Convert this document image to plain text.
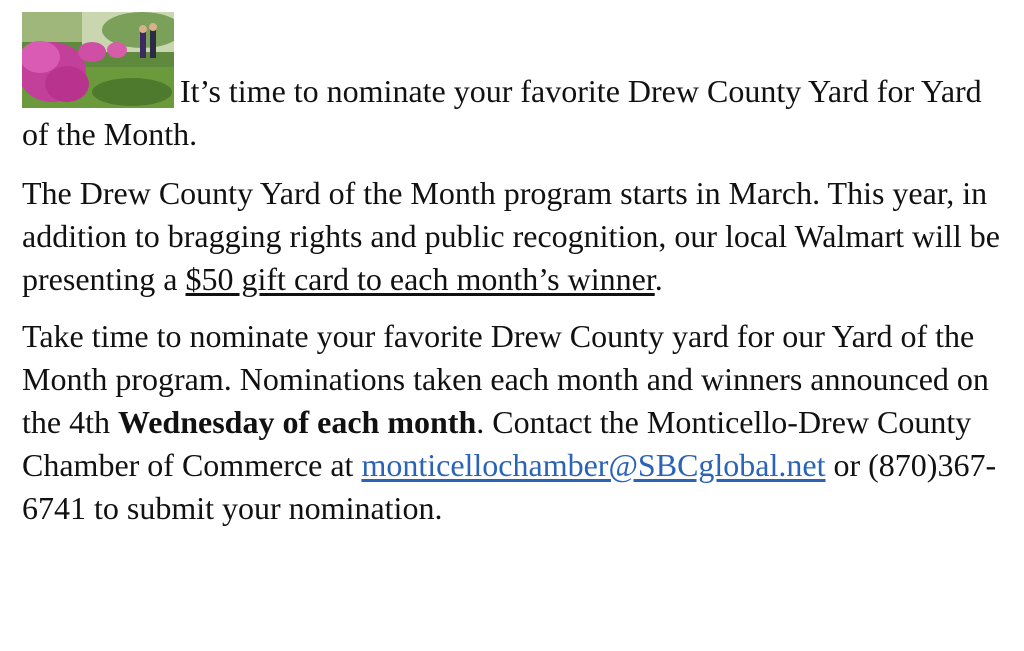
It’s time to nominate your favorite Drew County Yard for Yard of the Month.

The Drew County Yard of the Month program starts in March. This year, in addition to bragging rights and public recognition, our local Walmart will be presenting a $50 gift card to each month’s winner.

Take time to nominate your favorite Drew County yard for our Yard of the Month program. Nominations taken each month and winners announced on the 4th Wednesday of each month. Contact the Monticello-Drew County Chamber of Commerce at monticellochamber@SBCglobal.net or (870)367-6741 to submit your nomination.
